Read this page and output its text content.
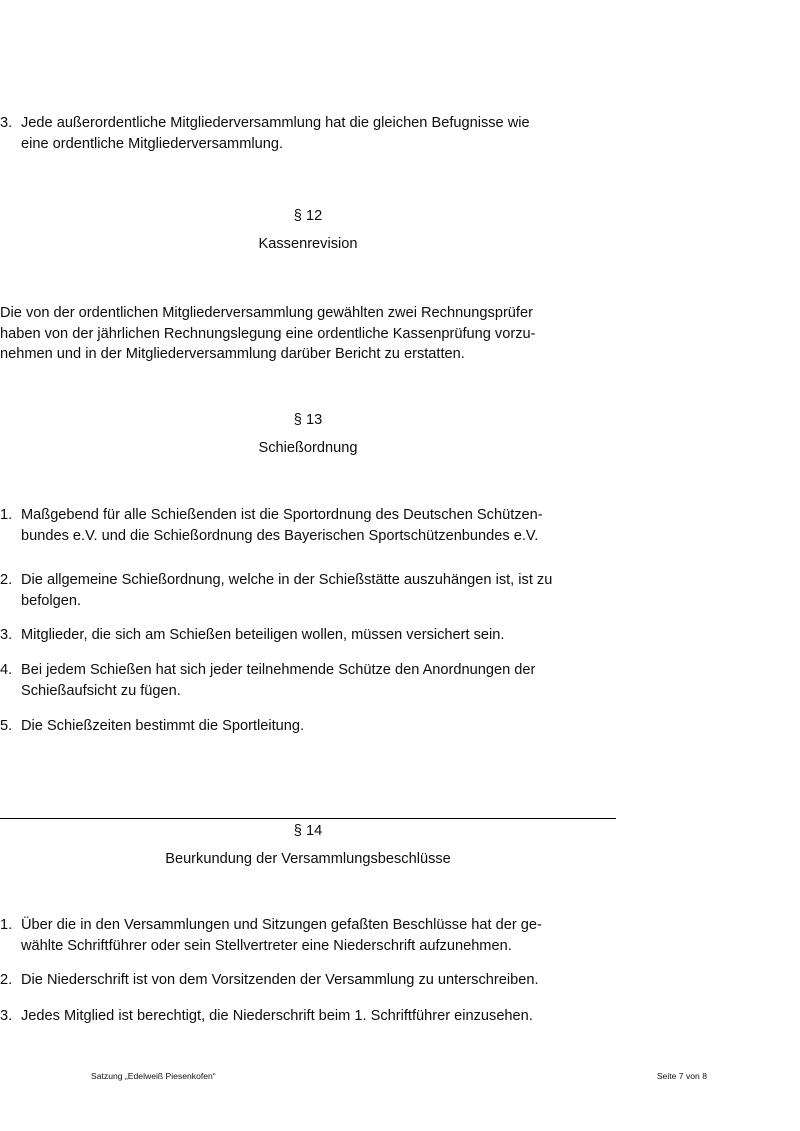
3. Jede außerordentliche Mitgliederversammlung hat die gleichen Befugnisse wie
eine ordentliche Mitgliederversammlung.
§ 12
Kassenrevision
Die von der ordentlichen Mitgliederversammlung gewählten zwei Rechnungsprüfer
haben von der jährlichen Rechnungslegung eine ordentliche Kassenprüfung vorzu-
nehmen und in der Mitgliederversammlung darüber Bericht zu erstatten.
§ 13
Schießordnung
1. Maßgebend für alle Schießenden ist die Sportordnung des Deutschen Schützen-
bundes e.V. und die Schießordnung des Bayerischen Sportschützenbundes e.V.
2. Die allgemeine Schießordnung, welche in der Schießstätte auszuhängen ist, ist zu
befolgen.
3. Mitglieder, die sich am Schießen beteiligen wollen, müssen versichert sein.
4. Bei jedem Schießen hat sich jeder teilnehmende Schütze den Anordnungen der
Schießaufsicht zu fügen.
5. Die Schießzeiten bestimmt die Sportleitung.
§ 14
Beurkundung der Versammlungsbeschlüsse
1. Über die in den Versammlungen und Sitzungen gefaßten Beschlüsse hat der ge-
wählte Schriftführer oder sein Stellvertreter eine Niederschrift aufzunehmen.
2. Die Niederschrift ist von dem Vorsitzenden der Versammlung zu unterschreiben.
3. Jedes Mitglied ist berechtigt, die Niederschrift beim 1. Schriftführer einzusehen.
Satzung „Edelweiß Piesenkofen“	Seite 7 von 8
